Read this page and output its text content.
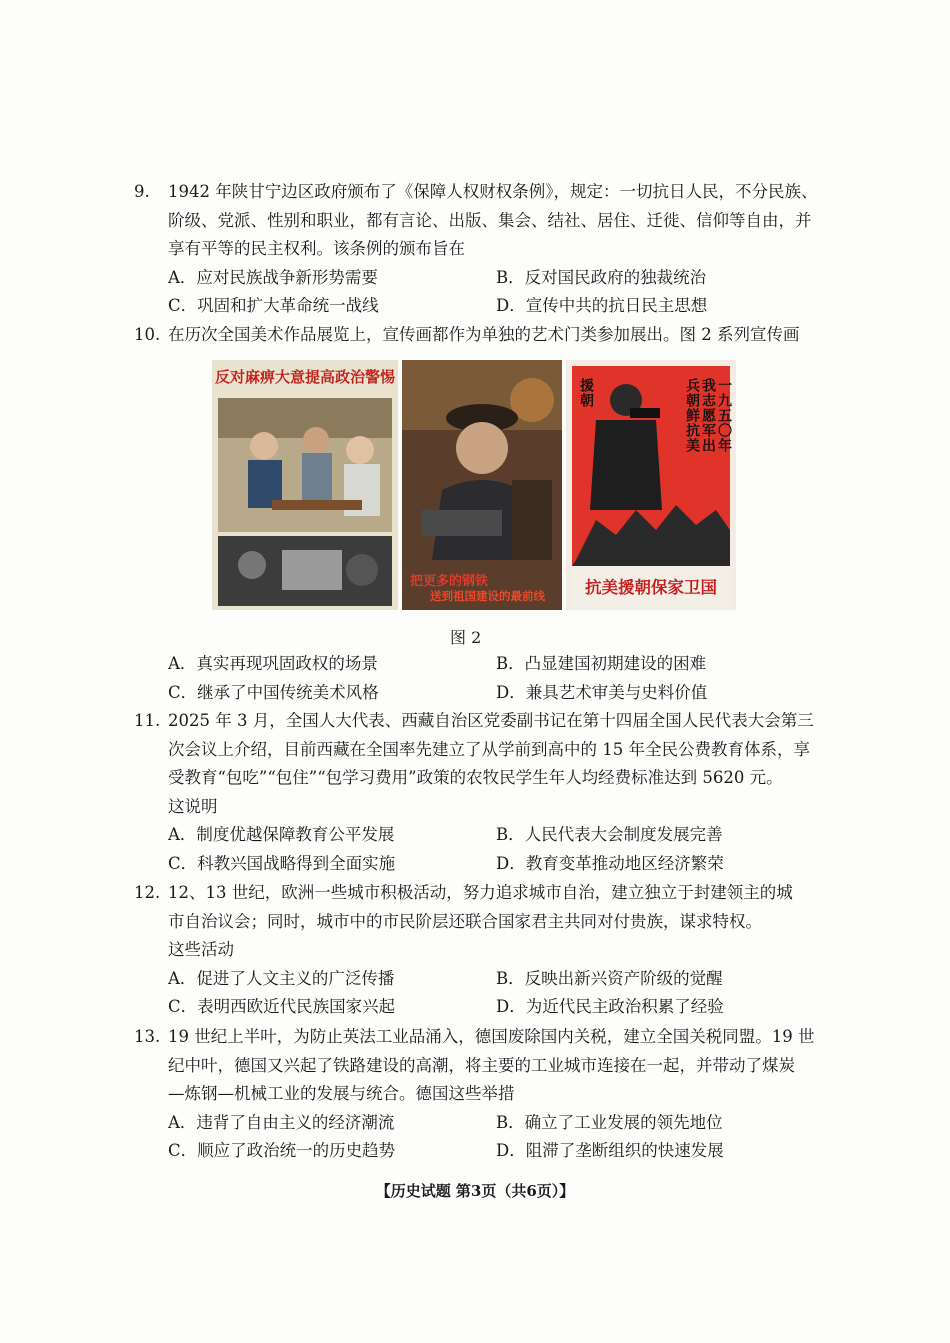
9. 1942 年陕甘宁边区政府颁布了《保障人权财权条例》，规定：一切抗日人民，不分民族、
阶级、党派、性别和职业，都有言论、出版、集会、结社、居住、迁徙、信仰等自由，并
享有平等的民主权利。该条例的颁布旨在
A．应对民族战争新形势需要	B．反对国民政府的独裁统治
C．巩固和扩大革命统一战线	D．宣传中共的抗日民主思想
10. 在历次全国美术作品展览上，宣传画都作为单独的艺术门类参加展出。图 2 系列宣传画
反对麻痹大意提高政治警惕
把更多的钢铁
送到祖国建设的最前线
援朝	兵朝鲜抗美 我志愿军出 一九五〇年
抗美援朝保家卫国
图 2
A．真实再现巩固政权的场景	B．凸显建国初期建设的困难
C．继承了中国传统美术风格	D．兼具艺术审美与史料价值
11. 2025 年 3 月，全国人大代表、西藏自治区党委副书记在第十四届全国人民代表大会第三
次会议上介绍，目前西藏在全国率先建立了从学前到高中的 15 年全民公费教育体系，享
受教育“包吃”“包住”“包学习费用”政策的农牧民学生年人均经费标准达到 5620 元。
这说明
A．制度优越保障教育公平发展	B．人民代表大会制度发展完善
C．科教兴国战略得到全面实施	D．教育变革推动地区经济繁荣
12. 12、13 世纪，欧洲一些城市积极活动，努力追求城市自治，建立独立于封建领主的城
市自治议会；同时，城市中的市民阶层还联合国家君主共同对付贵族，谋求特权。
这些活动
A．促进了人文主义的广泛传播	B．反映出新兴资产阶级的觉醒
C．表明西欧近代民族国家兴起	D．为近代民主政治积累了经验
13. 19 世纪上半叶，为防止英法工业品涌入，德国废除国内关税，建立全国关税同盟。19 世
纪中叶，德国又兴起了铁路建设的高潮，将主要的工业城市连接在一起，并带动了煤炭
—炼钢—机械工业的发展与统合。德国这些举措
A．违背了自由主义的经济潮流	B．确立了工业发展的领先地位
C．顺应了政治统一的历史趋势	D．阻滞了垄断组织的快速发展
【历史试题 第3页（共6页）】
